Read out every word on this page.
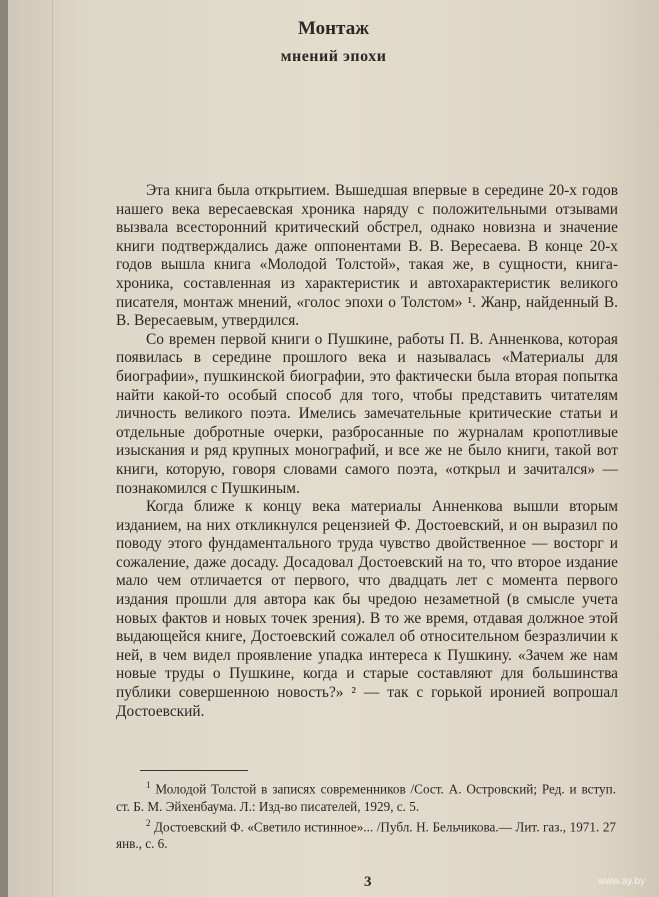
Монтаж
мнений эпохи

Эта книга была открытием. Вышедшая впервые в середине 20-х годов нашего века вересаевская хроника наряду с положительными отзывами вызвала всесторонний критический обстрел, однако новизна и значение книги подтверждались даже оппонентами В. В. Вересаева. В конце 20-х годов вышла книга «Молодой Толстой», такая же, в сущности, книга-хроника, составленная из характеристик и автохарактеристик великого писателя, монтаж мнений, «голос эпохи о Толстом» ¹. Жанр, найденный В. В. Вересаевым, утвердился.

Со времен первой книги о Пушкине, работы П. В. Анненкова, которая появилась в середине прошлого века и называлась «Материалы для биографии», пушкинской биографии, это фактически была вторая попытка найти какой-то особый способ для того, чтобы представить читателям личность великого поэта. Имелись замечательные критические статьи и отдельные добротные очерки, разбросанные по журналам кропотливые изыскания и ряд крупных монографий, и все же не было книги, такой вот книги, которую, говоря словами самого поэта, «открыл и зачитался» — познакомился с Пушкиным.

Когда ближе к концу века материалы Анненкова вышли вторым изданием, на них откликнулся рецензией Ф. Достоевский, и он выразил по поводу этого фундаментального труда чувство двойственное — восторг и сожаление, даже досаду. Досадовал Достоевский на то, что второе издание мало чем отличается от первого, что двадцать лет с момента первого издания прошли для автора как бы чредою незаметной (в смысле учета новых фактов и новых точек зрения). В то же время, отдавая должное этой выдающейся книге, Достоевский сожалел об относительном безразличии к ней, в чем видел проявление упадка интереса к Пушкину. «Зачем же нам новые труды о Пушкине, когда и старые составляют для большинства публики совершенною новость?» ² — так с горькой иронией вопрошал Достоевский.

$^1$ Молодой Толстой в записях современников /Сост. А. Островский; Ред. и вступ. ст. Б. М. Эйхенбаума. Л.: Изд-во писателей, 1929, с. 5.

$^2$ Достоевский Ф. «Светило истинное»... /Публ. Н. Бельчикова.— Лит. газ., 1971. 27 янв., с. 6.

3	www.ay.by
